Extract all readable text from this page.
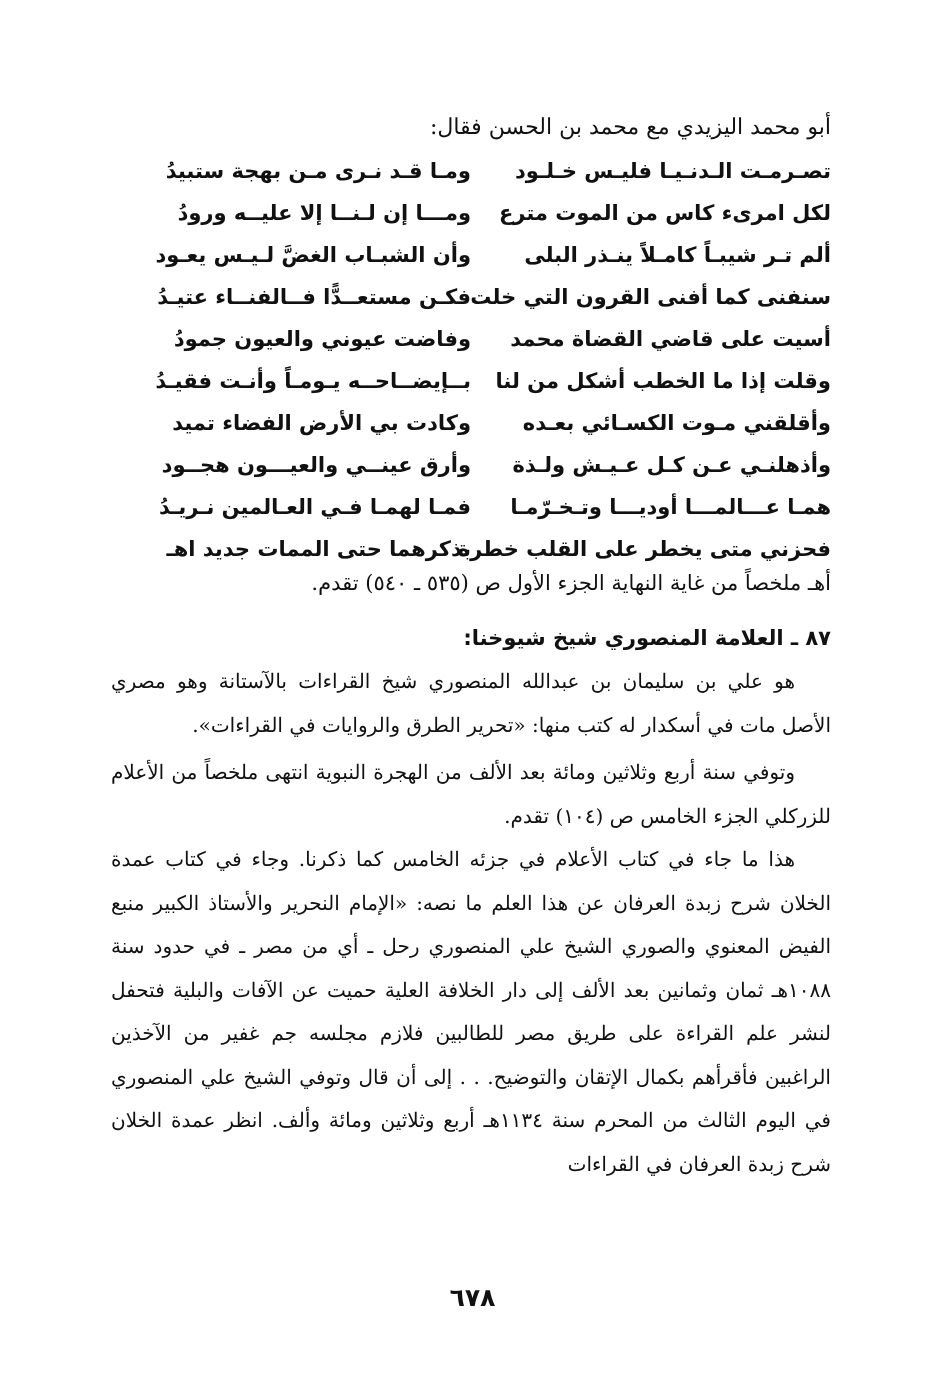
أبو محمد اليزيدي مع محمد بن الحسن فقال:
تصـرمـت الـدنـيـا فليـس خـلـود
ومـا قـد نـرى مـن بهجة ستبيدُ
لكل امرىء كاس من الموت مترع
ومـــا إن لـنــا إلا عليــه ورودُ
ألم تـر شيبـاً كامـلاً ينـذر البلى
وأن الشبـاب الغضَّ لـيـس يعـود
سنفنى كما أفنى القرون التي خلت
فكـن مستعــدًّا فــالفنــاء عتيـدُ
أسيت على قاضي القضاة محمد
وفاضت عيوني والعيون جمودُ
وقلت إذا ما الخطب أشكل من لنا
بــإيضــاحــه يـومـاً وأنـت فقيـدُ
وأقلقني مـوت الكسـائي بعـده
وكادت بي الأرض الفضاء تميد
وأذهلنـي عـن كـل عـيـش ولـذة
وأرق عينــي والعيـــون هجــود
همـا عـــالمـــا أوديـــا وتـخـرّمـا
فمـا لهمـا فـي العـالمين نـريـدُ
فحزني متى يخطر على القلب خطرة
بذكرهما حتى الممات جديد اهـ
أهـ ملخصاً من غاية النهاية الجزء الأول ص (٥٣٥ ـ ٥٤٠) تقدم.
٨٧ ـ العلامة المنصوري شيخ شيوخنا:

هو علي بن سليمان بن عبدالله المنصوري شيخ القراءات بالآستانة وهو مصري الأصل مات في أسكدار له كتب منها: «تحرير الطرق والروايات في القراءات».

وتوفي سنة أربع وثلاثين ومائة بعد الألف من الهجرة النبوية انتهى ملخصاً من الأعلام للزركلي الجزء الخامس ص (١٠٤) تقدم.

هذا ما جاء في كتاب الأعلام في جزئه الخامس كما ذكرنا. وجاء في كتاب عمدة الخلان شرح زبدة العرفان عن هذا العلم ما نصه: «الإمام النحرير والأستاذ الكبير منبع الفيض المعنوي والصوري الشيخ علي المنصوري رحل ـ أي من مصر ـ في حدود سنة ١٠٨٨هـ ثمان وثمانين بعد الألف إلى دار الخلافة العلية حميت عن الآفات والبلية فتحفل لنشر علم القراءة على طريق مصر للطالبين فلازم مجلسه جم غفير من الآخذين الراغبين فأقرأهم بكمال الإتقان والتوضيح. . . إلى أن قال وتوفي الشيخ علي المنصوري في اليوم الثالث من المحرم سنة ١١٣٤هـ أربع وثلاثين ومائة وألف. انظر عمدة الخلان شرح زبدة العرفان في القراءات

٦٧٨
